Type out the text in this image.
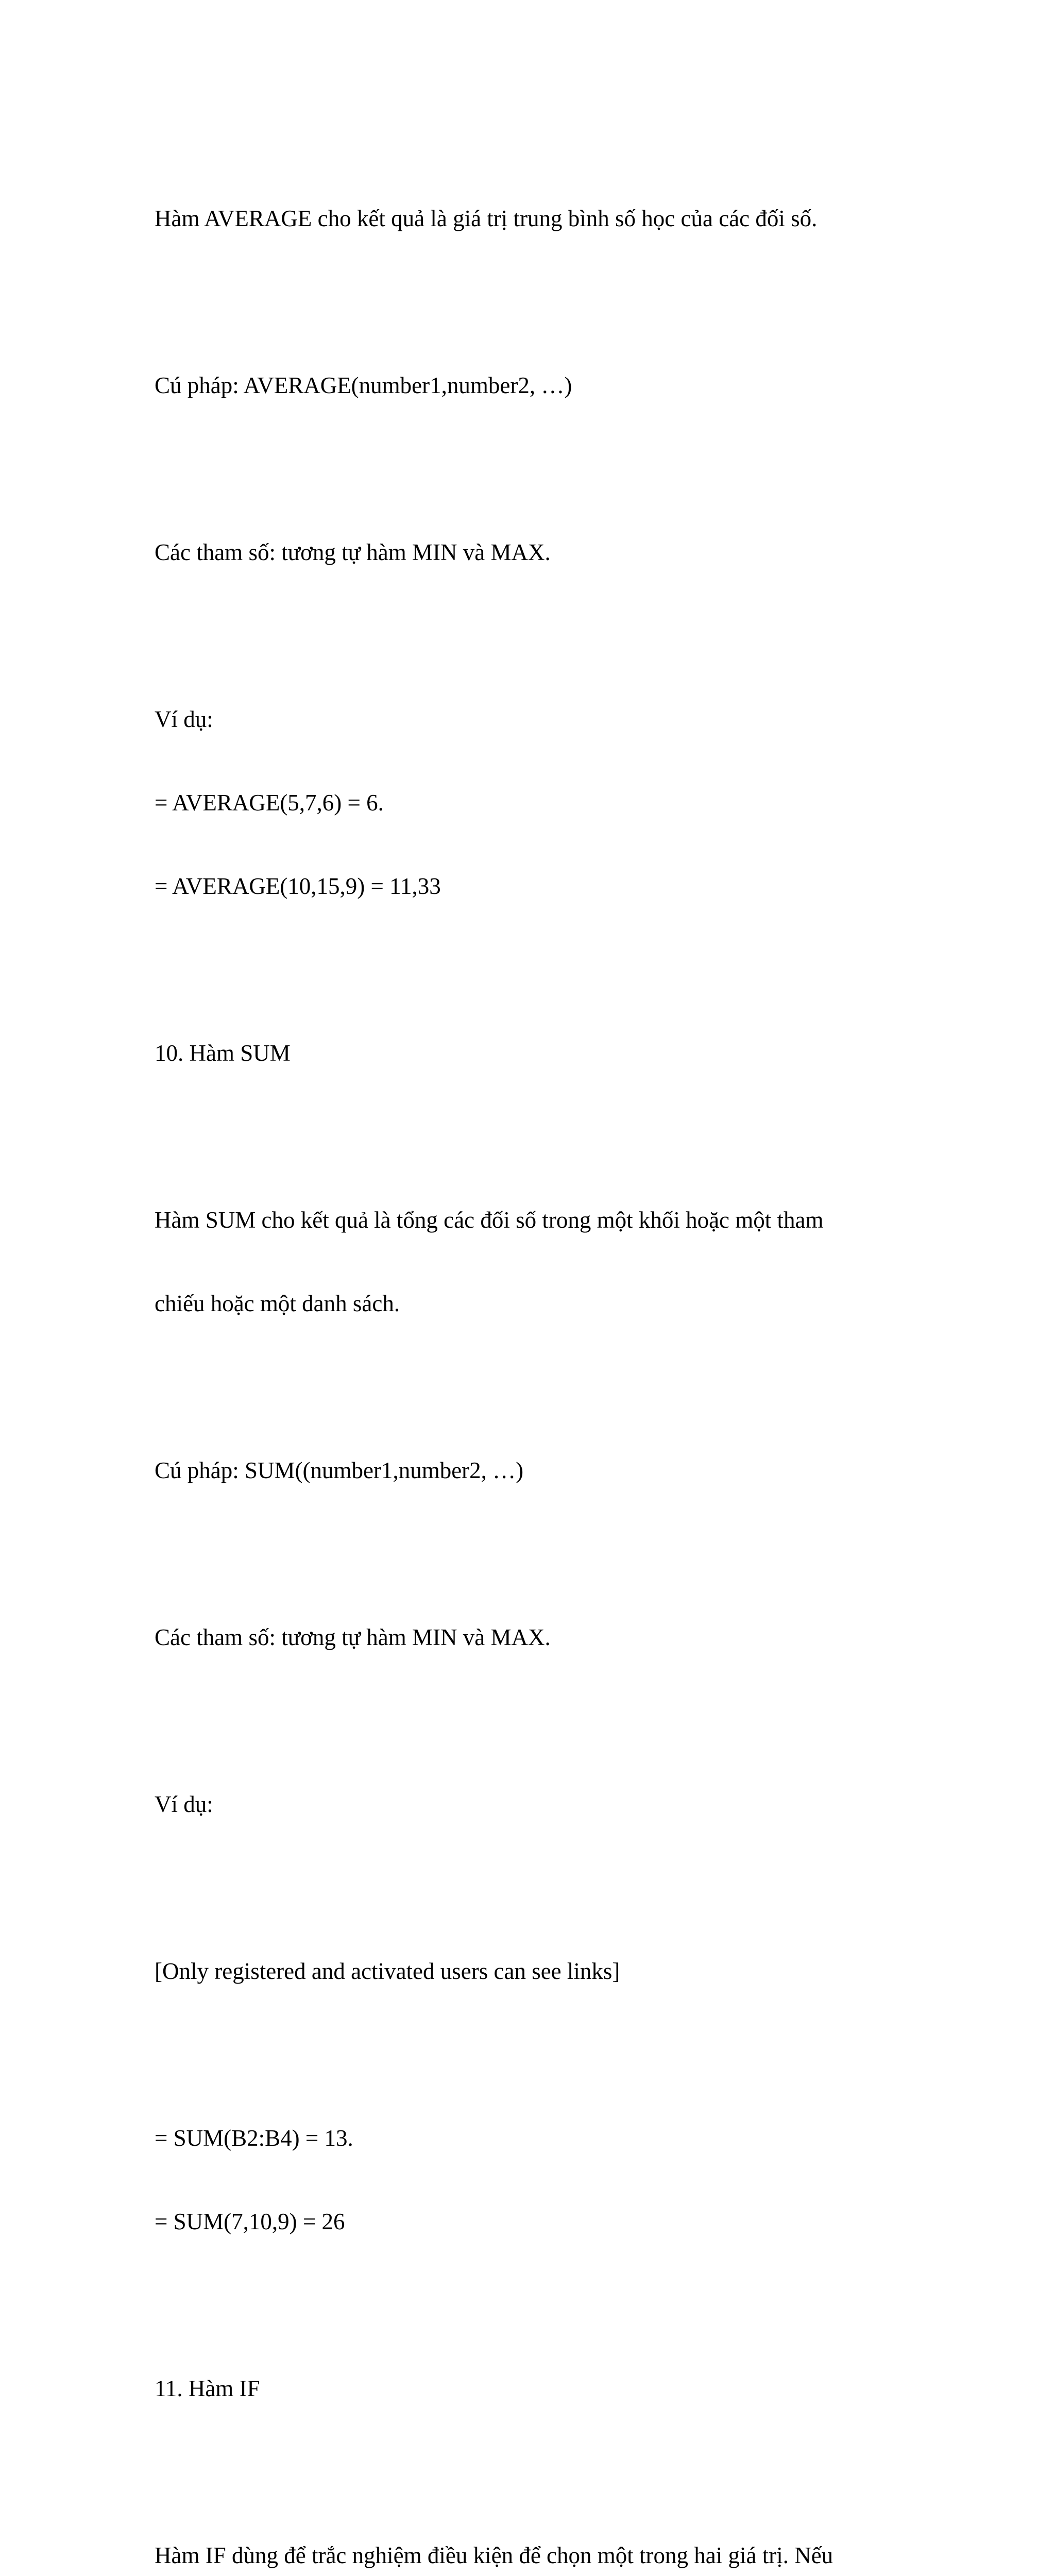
Hàm AVERAGE cho kết quả là giá trị trung bình số học của các đối số.

Cú pháp: AVERAGE(number1,number2, …)

Các tham số: tương tự hàm MIN và MAX.

Ví dụ:

= AVERAGE(5,7,6) = 6.

= AVERAGE(10,15,9) = 11,33

10. Hàm SUM

Hàm SUM cho kết quả là tổng các đối số trong một khối hoặc một tham

chiếu hoặc một danh sách.

Cú pháp: SUM((number1,number2, …)

Các tham số: tương tự hàm MIN và MAX.

Ví dụ:

[Only registered and activated users can see links]

= SUM(B2:B4) = 13.

= SUM(7,10,9) = 26

11. Hàm IF

Hàm IF dùng để trắc nghiệm điều kiện để chọn một trong hai giá trị. Nếu
